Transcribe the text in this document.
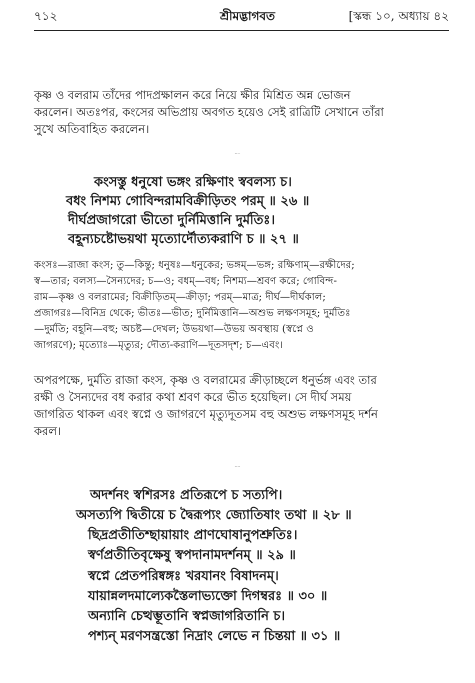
৭১২	শ্রীমদ্ভাগবত	[স্কন্ধ ১০, অধ্যায় ৪২
কৃষ্ণ ও বলরাম তাঁদের পাদপ্রক্ষালন করে নিয়ে ক্ষীর মিশ্রিত অন্ন ভোজন
করলেন। অতঃপর, কংসের অভিপ্রায় অবগত হয়েও সেই রাত্রিটি সেখানে তাঁরা
সুখে অতিবাহিত করলেন।
শ্লোক ২৬-২৭
কংসস্তু ধনুষো ভঙ্গং রক্ষিণাং স্ববলস্য চ।
বধং নিশম্য গোবিন্দরামবিক্রীড়িতং পরম্ ॥ ২৬ ॥
দীর্ঘপ্রজাগরো ভীতো দুর্নিমিত্তানি দুর্মতিঃ।
বহূন্যচষ্টোভয়থা মৃত্যোর্দৌত্যকরাণি চ ॥ ২৭ ॥
কংসঃ—রাজা কংস; তু—কিন্তু; ধনুষঃ—ধনুকের; ভঙ্গম্—ভঙ্গ; রক্ষিণাম্—রক্ষীদের;
স্ব—তার; বলস্য—সৈন্যদের; চ—ও; বধম্—বধ; নিশম্য—শ্রবণ করে; গোবিন্দ-
রাম—কৃষ্ণ ও বলরামের; বিক্রীড়িতম্—ক্রীড়া; পরম্—মাত্র; দীর্ঘ—দীর্ঘকাল;
প্রজাগরঃ—বিনিদ্র থেকে; ভীতঃ—ভীত; দুর্নিমিত্তানি—অশুভ লক্ষণসমূহ; দুর্মতিঃ
—দুর্মতি; বহূনি—বহু; অচষ্ট—দেখল; উভয়থা—উভয় অবস্থায় (স্বপ্নে ও
জাগরণে); মৃত্যোঃ—মৃত্যুর; দৌত্য-করাণি—দূতসদৃশ; চ—এবং।
অপরপক্ষে, দুর্মতি রাজা কংস, কৃষ্ণ ও বলরামের ক্রীড়াচ্ছলে ধনুর্ভঙ্গ এবং তার
রক্ষী ও সৈন্যদের বধ করার কথা শ্রবণ করে ভীত হয়েছিল। সে দীর্ঘ সময়
জাগরিত থাকল এবং স্বপ্নে ও জাগরণে মৃত্যুদূতসম বহু অশুভ লক্ষণসমূহ দর্শন
করল।
শ্লোক ২৮-৩১
অদর্শনং স্বশিরসঃ প্রতিরূপে চ সত্যপি।
অসত্যপি দ্বিতীয়ে চ দ্বৈরূপ্যং জ্যোতিষাং তথা ॥ ২৮ ॥
ছিদ্রপ্রতীতিশ্ছায়ায়াং প্রাণঘোষানুপশ্রুতিঃ।
স্বর্ণপ্রতীতিবৃক্ষেষু স্বপদানামদর্শনম্ ॥ ২৯ ॥
স্বপ্নে প্রেতপরিষ্বঙ্গঃ খরযানং বিষাদনম্।
যায়ান্নলদমাল্যেকস্তৈলাভ্যক্তো দিগম্বরঃ ॥ ৩০ ॥
অন্যানি চেত্থম্ভূতানি স্বপ্নজাগরিতানি চ।
পশ্যন্ মরণসন্ত্রস্তো নিদ্রাং লেভে ন চিন্তয়া ॥ ৩১ ॥
